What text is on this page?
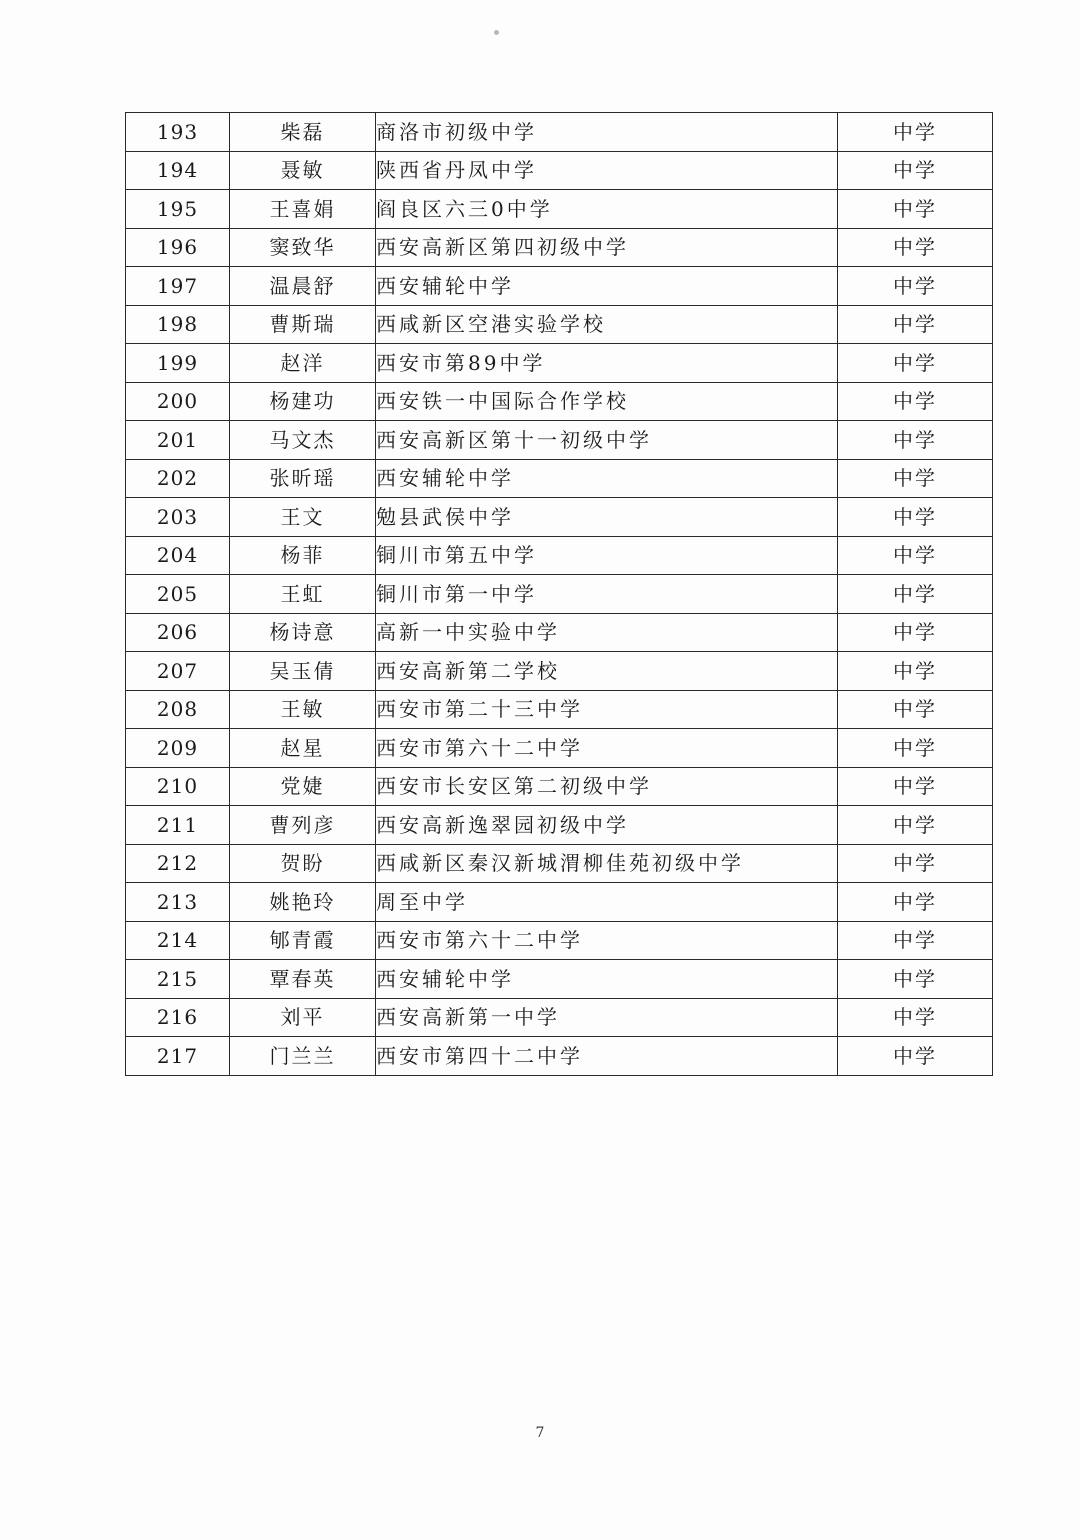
193	柴磊	商洛市初级中学	中学
194	聂敏	陕西省丹凤中学	中学
195	王喜娟	阎良区六三0中学	中学
196	窦致华	西安高新区第四初级中学	中学
197	温晨舒	西安辅轮中学	中学
198	曹斯瑞	西咸新区空港实验学校	中学
199	赵洋	西安市第89中学	中学
200	杨建功	西安铁一中国际合作学校	中学
201	马文杰	西安高新区第十一初级中学	中学
202	张昕瑶	西安辅轮中学	中学
203	王文	勉县武侯中学	中学
204	杨菲	铜川市第五中学	中学
205	王虹	铜川市第一中学	中学
206	杨诗意	高新一中实验中学	中学
207	吴玉倩	西安高新第二学校	中学
208	王敏	西安市第二十三中学	中学
209	赵星	西安市第六十二中学	中学
210	党婕	西安市长安区第二初级中学	中学
211	曹列彦	西安高新逸翠园初级中学	中学
212	贺盼	西咸新区秦汉新城渭柳佳苑初级中学	中学
213	姚艳玲	周至中学	中学
214	郇青霞	西安市第六十二中学	中学
215	覃春英	西安辅轮中学	中学
216	刘平	西安高新第一中学	中学
217	门兰兰	西安市第四十二中学	中学
7
